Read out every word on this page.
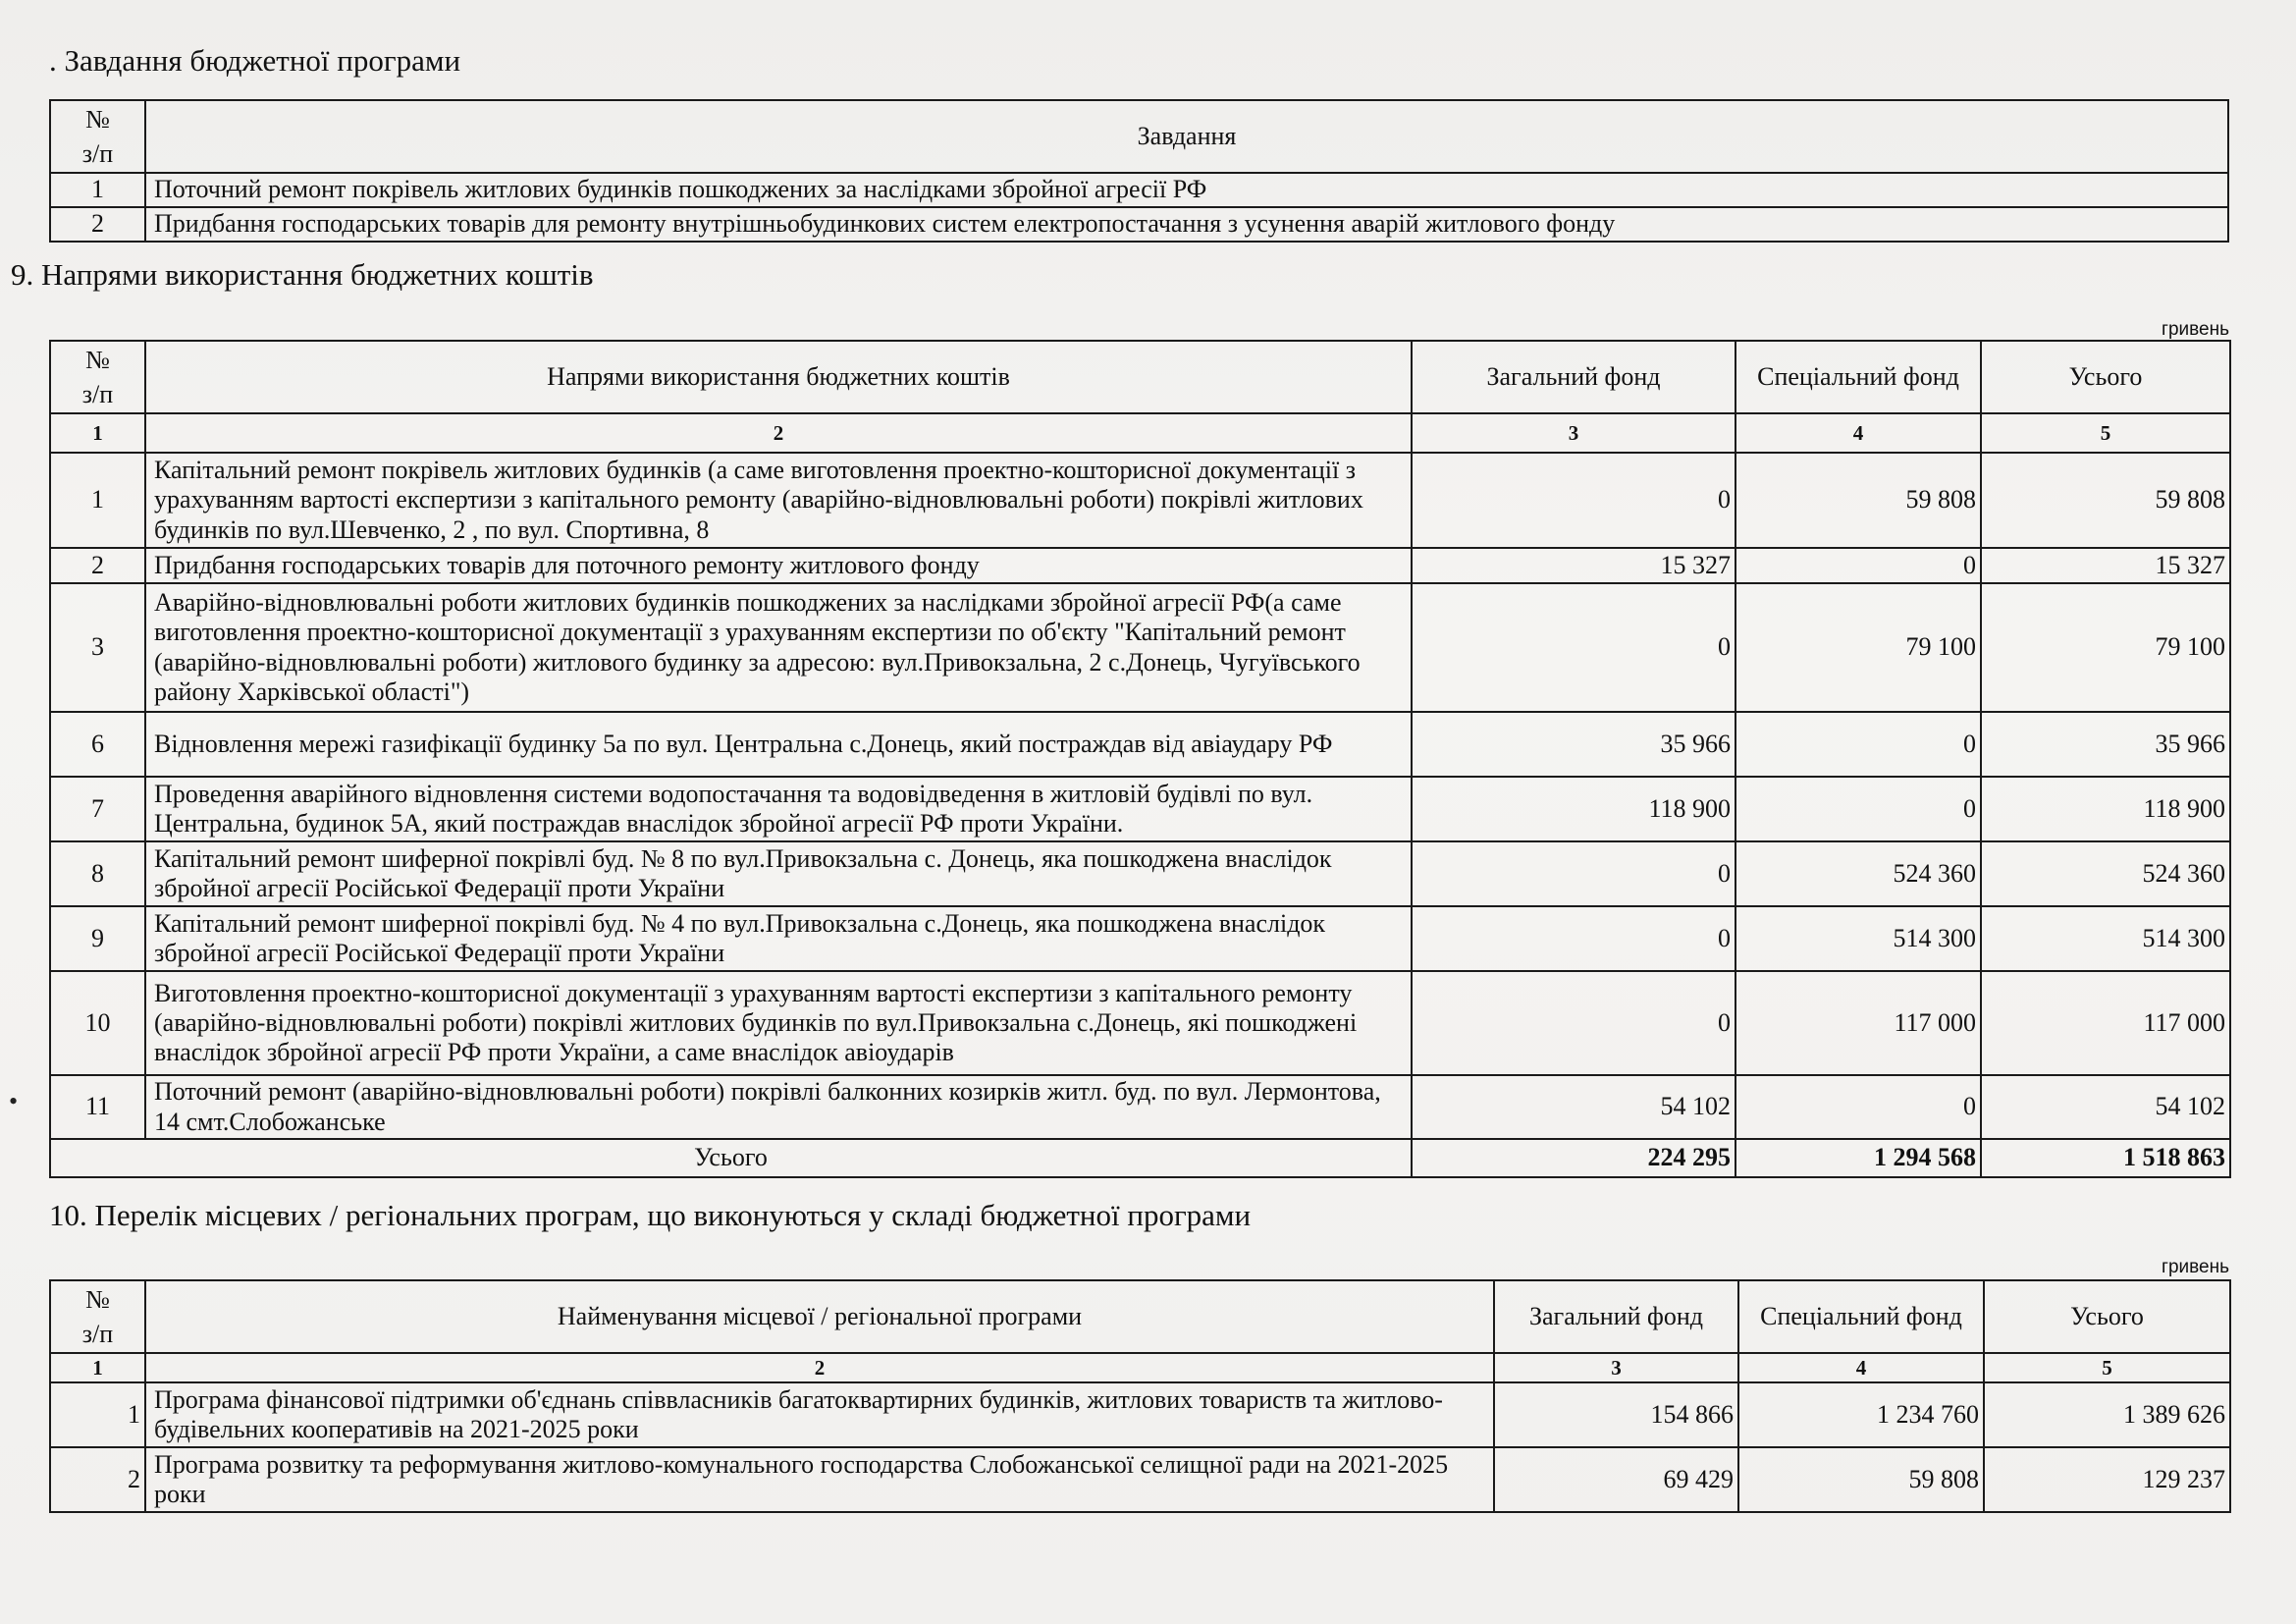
. Завдання бюджетної програми
№
з/п	Завдання
1	Поточний ремонт покрівель житлових будинків пошкоджених за наслідками збройної агресії РФ
2	Придбання господарських товарів для ремонту внутрішньобудинкових систем електропостачання з усунення аварій житлового фонду
9. Напрями використання бюджетних коштів
гривень
№
з/п	Напрями використання бюджетних коштів	Загальний фонд	Спеціальний фонд	Усього
1	2	3	4	5
1	Капітальний ремонт покрівель житлових будинків (а саме виготовлення проектно-кошторисної документації з урахуванням вартості експертизи з капітального ремонту (аварійно-відновлювальні роботи) покрівлі житлових будинків по вул.Шевченко, 2 , по вул. Спортивна, 8	0	59 808	59 808
2	Придбання господарських товарів для поточного ремонту житлового фонду	15 327	0	15 327
3	Аварійно-відновлювальні роботи житлових будинків пошкоджених за наслідками збройної агресії РФ(а саме виготовлення проектно-кошторисної документації з урахуванням експертизи по об'єкту "Капітальний ремонт (аварійно-відновлювальні роботи) житлового будинку за адресою: вул.Привокзальна, 2 с.Донець, Чугуївського району Харківської області")	0	79 100	79 100
6	Відновлення мережі газифікації будинку 5а по вул. Центральна с.Донець, який постраждав від авіаудару РФ	35 966	0	35 966
7	Проведення аварійного відновлення системи водопостачання та водовідведення в житловій будівлі по вул. Центральна, будинок 5А, який постраждав внаслідок збройної агресії РФ проти України.	118 900	0	118 900
8	Капітальний ремонт шиферної покрівлі буд. № 8 по вул.Привокзальна с. Донець, яка пошкоджена внаслідок збройної агресії Російської Федерації проти України	0	524 360	524 360
9	Капітальний ремонт шиферної покрівлі буд. № 4 по вул.Привокзальна с.Донець, яка пошкоджена внаслідок збройної агресії Російської Федерації проти України	0	514 300	514 300
10	Виготовлення проектно-кошторисної документації з урахуванням вартості експертизи з капітального ремонту (аварійно-відновлювальні роботи) покрівлі житлових будинків по вул.Привокзальна с.Донець, які пошкоджені внаслідок збройної агресії РФ проти України, а саме внаслідок авіоударів	0	117 000	117 000
11	Поточний ремонт (аварійно-відновлювальні роботи) покрівлі балконних козирків житл. буд. по вул. Лермонтова, 14 смт.Слобожанське	54 102	0	54 102
Усього		224 295	1 294 568	1 518 863
10. Перелік місцевих / регіональних програм, що виконуються у складі бюджетної програми
гривень
№
з/п	Найменування місцевої / регіональної програми	Загальний фонд	Спеціальний фонд	Усього
1	2	3	4	5
1	Програма фінансової підтримки об'єднань співвласників багатоквартирних будинків, житлових товариств та житлово-будівельних кооперативів на 2021-2025 роки	154 866	1 234 760	1 389 626
2	Програма розвитку та реформування житлово-комунального господарства Слобожанської селищної ради на 2021-2025 роки	69 429	59 808	129 237
•
